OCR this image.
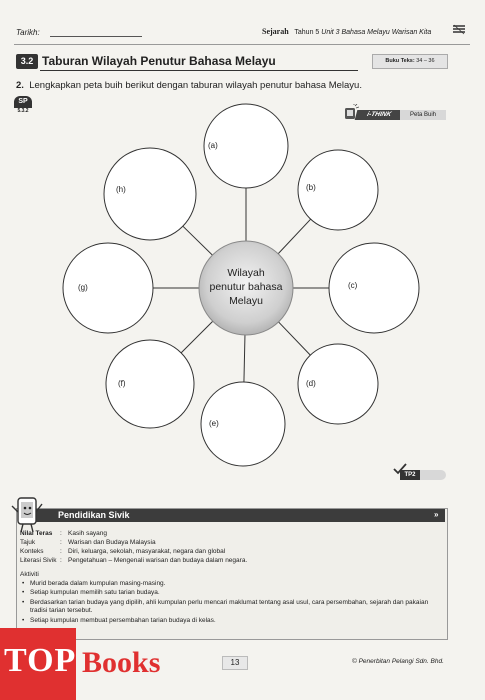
Tarikh:	Sejarah Tahun 5 Unit 3 Bahasa Melayu Warisan Kita
3.2 Taburan Wilayah Penutur Bahasa Melayu	Buku Teks: 34 – 36
2. Lengkapkan peta buih berikut dengan taburan wilayah penutur bahasa Melayu.
SP
5.3.2	i-THINK	Peta Buih
(a)
(b)
(c)
(d)
(e)
(f)
(g)
(h)
Wilayah
penutur bahasa
Melayu
TP2
Pendidikan Sivik	»
Nilai Teras : Kasih sayang
Tajuk	: Warisan dan Budaya Malaysia
Konteks	: Diri, keluarga, sekolah, masyarakat, negara dan global
Literasi Sivik : Pengetahuan – Mengenali warisan dan budaya dalam negara.
Aktiviti
• Murid berada dalam kumpulan masing-masing.
• Setiap kumpulan memilih satu tarian budaya.
• Berdasarkan tarian budaya yang dipilih, ahli kumpulan perlu mencari maklumat tentang asal usul, cara persembahan, sejarah dan pakaian tradisi tarian tersebut.
• Setiap kumpulan membuat persembahan tarian budaya di kelas.
TOP Books	13	© Penerbitan Pelangi Sdn. Bhd.
